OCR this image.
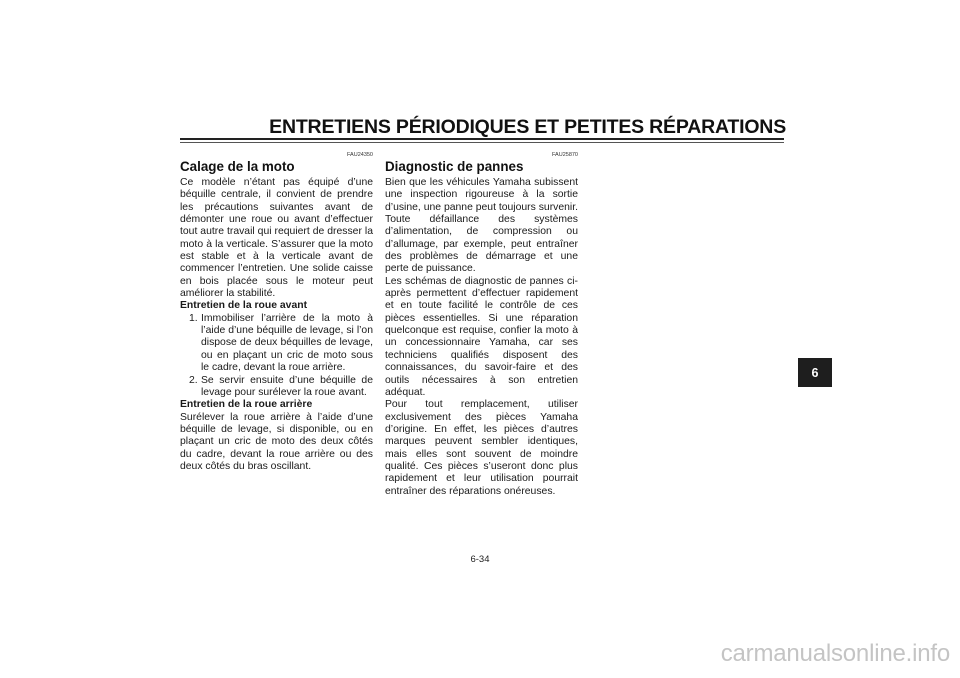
ENTRETIENS PÉRIODIQUES ET PETITES RÉPARATIONS
FAU24350
Calage de la moto

Ce modèle n’étant pas équipé d’une béquille centrale, il convient de prendre les précautions suivantes avant de démonter une roue ou avant d’effectuer tout autre travail qui requiert de dresser la moto à la verticale. S’assurer que la moto est stable et à la verticale avant de commencer l’entretien. Une solide caisse en bois placée sous le moteur peut améliorer la stabilité.

Entretien de la roue avant
1. Immobiliser l’arrière de la moto à l’aide d’une béquille de levage, si l’on dispose de deux béquilles de levage, ou en plaçant un cric de moto sous le cadre, devant la roue arrière.
2. Se servir ensuite d’une béquille de levage pour surélever la roue avant.
Entretien de la roue arrière

Surélever la roue arrière à l’aide d’une béquille de levage, si disponible, ou en plaçant un cric de moto des deux côtés du cadre, devant la roue arrière ou des deux côtés du bras oscillant.

FAU25870
Diagnostic de pannes

Bien que les véhicules Yamaha subissent une inspection rigoureuse à la sortie d’usine, une panne peut toujours survenir. Toute défaillance des systèmes d’alimentation, de compression ou d’allumage, par exemple, peut entraîner des problèmes de démarrage et une perte de puissance.

Les schémas de diagnostic de pannes ci-après permettent d’effectuer rapidement et en toute facilité le contrôle de ces pièces essentielles. Si une réparation quelconque est requise, confier la moto à un concessionnaire Yamaha, car ses techniciens qualifiés disposent des connaissances, du savoir-faire et des outils nécessaires à son entretien adéquat.

Pour tout remplacement, utiliser exclusivement des pièces Yamaha d’origine. En effet, les pièces d’autres marques peuvent sembler identiques, mais elles sont souvent de moindre qualité. Ces pièces s’useront donc plus rapidement et leur utilisation pourrait entraîner des réparations onéreuses.

6
6-34
carmanualsonline.info
